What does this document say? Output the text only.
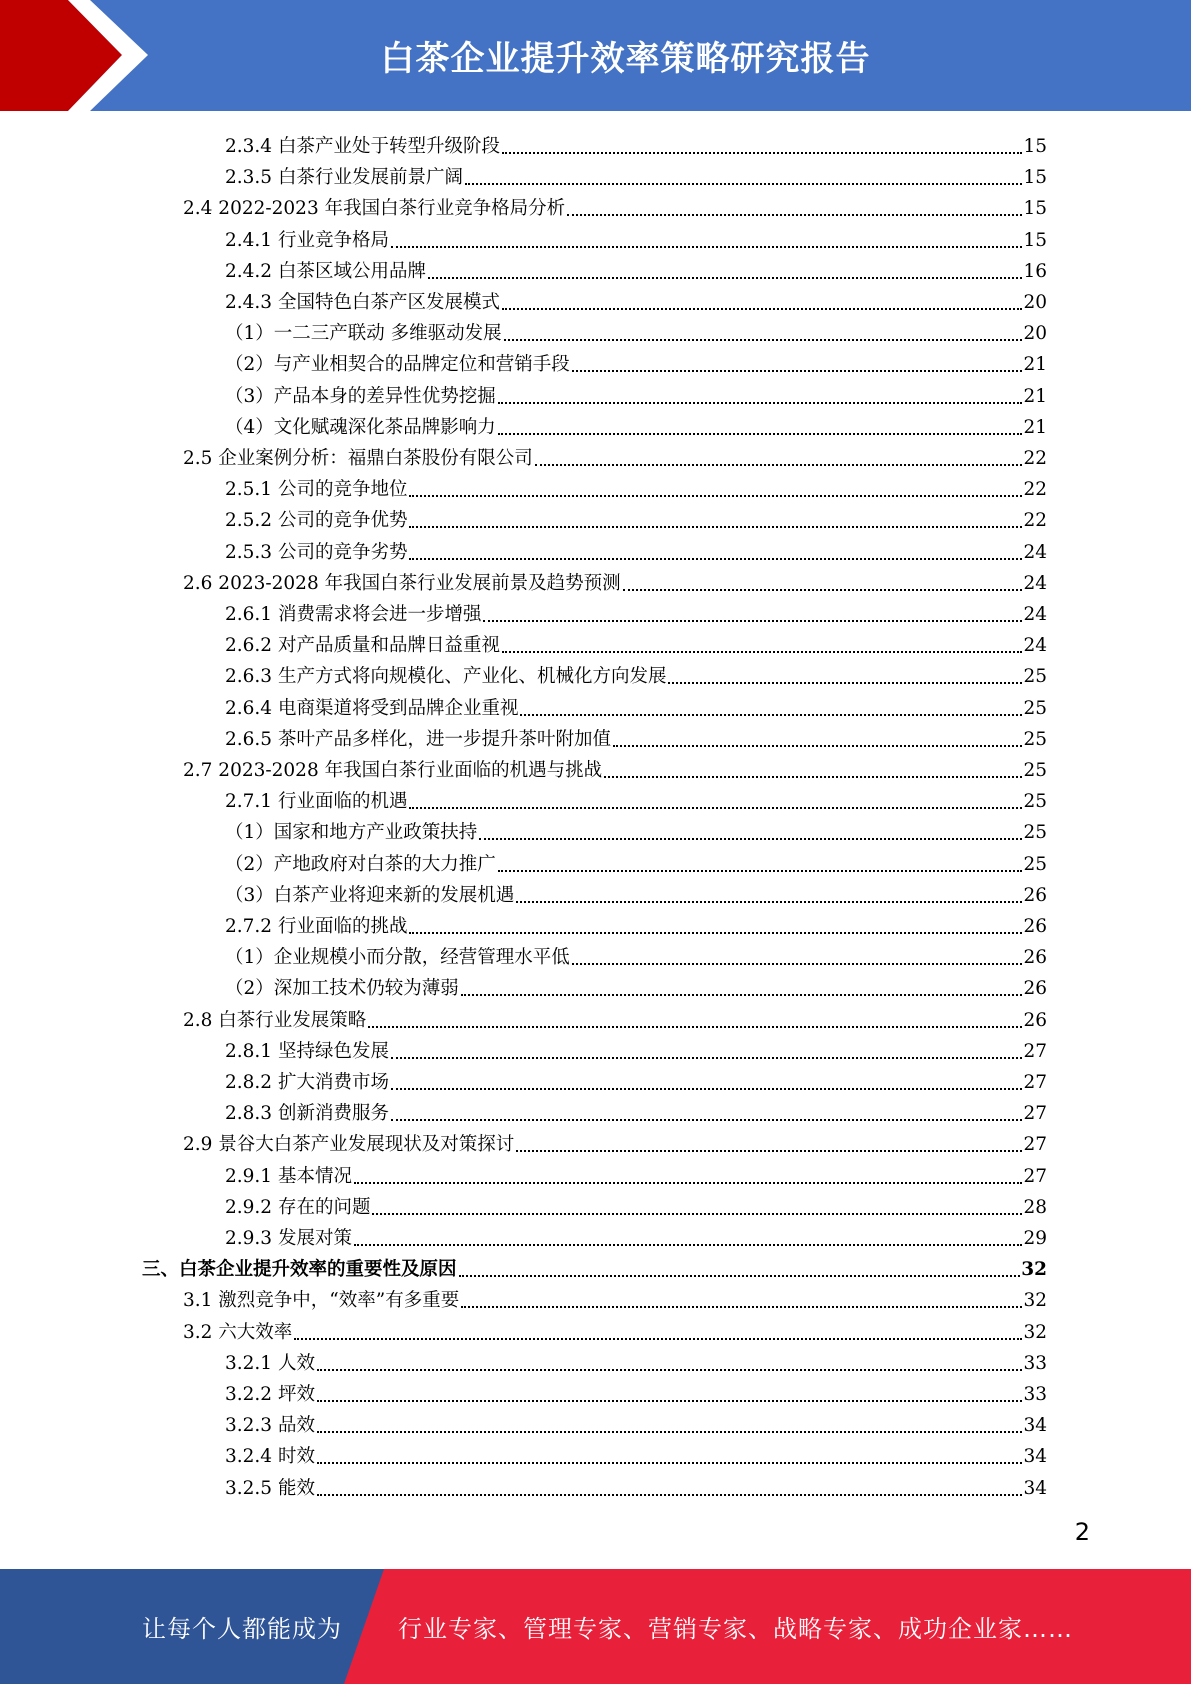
白茶企业提升效率策略研究报告
2.3.4 白茶产业处于转型升级阶段	15
2.3.5 白茶行业发展前景广阔	15
2.4 2022-2023 年我国白茶行业竞争格局分析	15
2.4.1 行业竞争格局	15
2.4.2 白茶区域公用品牌	16
2.4.3 全国特色白茶产区发展模式	20
（1）一二三产联动 多维驱动发展	20
（2）与产业相契合的品牌定位和营销手段	21
（3）产品本身的差异性优势挖掘	21
（4）文化赋魂深化茶品牌影响力	21
2.5 企业案例分析：福鼎白茶股份有限公司	22
2.5.1 公司的竞争地位	22
2.5.2 公司的竞争优势	22
2.5.3 公司的竞争劣势	24
2.6 2023-2028 年我国白茶行业发展前景及趋势预测	24
2.6.1 消费需求将会进一步增强	24
2.6.2 对产品质量和品牌日益重视	24
2.6.3 生产方式将向规模化、产业化、机械化方向发展	25
2.6.4 电商渠道将受到品牌企业重视	25
2.6.5 茶叶产品多样化，进一步提升茶叶附加值	25
2.7 2023-2028 年我国白茶行业面临的机遇与挑战	25
2.7.1 行业面临的机遇	25
（1）国家和地方产业政策扶持	25
（2）产地政府对白茶的大力推广	25
（3）白茶产业将迎来新的发展机遇	26
2.7.2 行业面临的挑战	26
（1）企业规模小而分散，经营管理水平低	26
（2）深加工技术仍较为薄弱	26
2.8 白茶行业发展策略	26
2.8.1 坚持绿色发展	27
2.8.2 扩大消费市场	27
2.8.3 创新消费服务	27
2.9 景谷大白茶产业发展现状及对策探讨	27
2.9.1 基本情况	27
2.9.2 存在的问题	28
2.9.3 发展对策	29
三、白茶企业提升效率的重要性及原因	32
3.1 激烈竞争中，“效率”有多重要	32
3.2 六大效率	32
3.2.1 人效	33
3.2.2 坪效	33
3.2.3 品效	34
3.2.4 时效	34
3.2.5 能效	34
2
让每个人都能成为 行业专家、管理专家、营销专家、战略专家、成功企业家……
